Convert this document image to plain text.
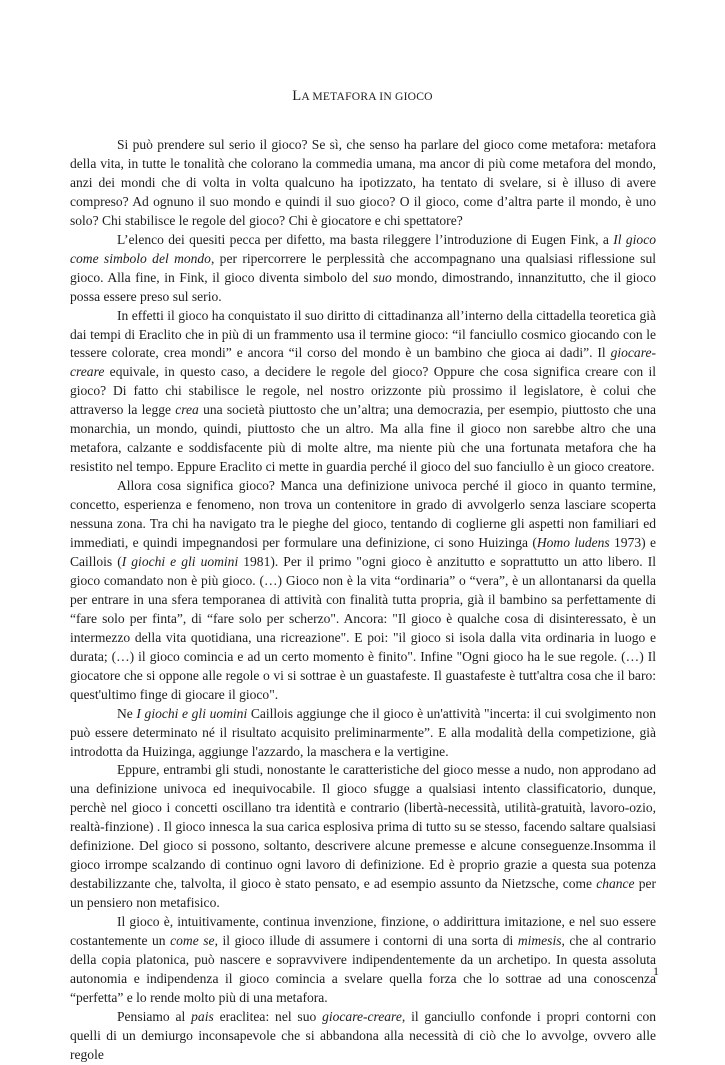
LA METAFORA IN GIOCO

Si può prendere sul serio il gioco? Se sì, che senso ha parlare del gioco come metafora: metafora della vita, in tutte le tonalità che colorano la commedia umana, ma ancor di più come metafora del mondo, anzi dei mondi che di volta in volta qualcuno ha ipotizzato, ha tentato di svelare, si è illuso di avere compreso? Ad ognuno il suo mondo e quindi il suo gioco? O il gioco, come d’altra parte il mondo, è uno solo? Chi stabilisce le regole del gioco? Chi è giocatore e chi spettatore?

L’elenco dei quesiti pecca per difetto, ma basta rileggere l’introduzione di Eugen Fink, a Il gioco come simbolo del mondo, per ripercorrere le perplessità che accompagnano una qualsiasi riflessione sul gioco. Alla fine, in Fink, il gioco diventa simbolo del suo mondo, dimostrando, innanzitutto, che il gioco possa essere preso sul serio.

In effetti il gioco ha conquistato il suo diritto di cittadinanza all’interno della cittadella teoretica già dai tempi di Eraclito che in più di un frammento usa il termine gioco: “il fanciullo cosmico giocando con le tessere colorate, crea mondi” e ancora “il corso del mondo è un bambino che gioca ai dadi”. Il giocare-creare equivale, in questo caso, a decidere le regole del gioco? Oppure che cosa significa creare con il gioco? Di fatto chi stabilisce le regole, nel nostro orizzonte più prossimo il legislatore, è colui che attraverso la legge crea una società piuttosto che un’altra; una democrazia, per esempio, piuttosto che una monarchia, un mondo, quindi, piuttosto che un altro. Ma alla fine il gioco non sarebbe altro che una metafora, calzante e soddisfacente più di molte altre, ma niente più che una fortunata metafora che ha resistito nel tempo. Eppure Eraclito ci mette in guardia perché il gioco del suo fanciullo è un gioco creatore.

Allora cosa significa gioco? Manca una definizione univoca perché il gioco in quanto termine, concetto, esperienza e fenomeno, non trova un contenitore in grado di avvolgerlo senza lasciare scoperta nessuna zona. Tra chi ha navigato tra le pieghe del gioco, tentando di coglierne gli aspetti non familiari ed immediati, e quindi impegnandosi per formulare una definizione, ci sono Huizinga (Homo ludens 1973) e Caillois (I giochi e gli uomini 1981). Per il primo "ogni gioco è anzitutto e soprattutto un atto libero. Il gioco comandato non è più gioco. (…) Gioco non è la vita “ordinaria” o “vera”, è un allontanarsi da quella per entrare in una sfera temporanea di attività con finalità tutta propria, già il bambino sa perfettamente di “fare solo per finta”, di “fare solo per scherzo". Ancora: "Il gioco è qualche cosa di disinteressato, è un intermezzo della vita quotidiana, una ricreazione". E poi: "il gioco si isola dalla vita ordinaria in luogo e durata; (…) il gioco comincia e ad un certo momento è finito". Infine "Ogni gioco ha le sue regole. (…) Il giocatore che si oppone alle regole o vi si sottrae è un guastafeste. Il guastafeste è tutt'altra cosa che il baro: quest'ultimo finge di giocare il gioco".

Ne I giochi e gli uomini Caillois aggiunge che il gioco è un'attività "incerta: il cui svolgimento non può essere determinato né il risultato acquisito preliminarmente”. E alla modalità della competizione, già introdotta da Huizinga, aggiunge l'azzardo, la maschera e la vertigine.

Eppure, entrambi gli studi, nonostante le caratteristiche del gioco messe a nudo, non approdano ad una definizione univoca ed inequivocabile. Il gioco sfugge a qualsiasi intento classificatorio, dunque, perchè nel gioco i concetti oscillano tra identità e contrario (libertà-necessità, utilità-gratuità, lavoro-ozio, realtà-finzione) . Il gioco innesca la sua carica esplosiva prima di tutto su se stesso, facendo saltare qualsiasi definizione. Del gioco si possono, soltanto, descrivere alcune premesse e alcune conseguenze.Insomma il gioco irrompe scalzando di continuo ogni lavoro di definizione. Ed è proprio grazie a questa sua potenza destabilizzante che, talvolta, il gioco è stato pensato, e ad esempio assunto da Nietzsche, come chance per un pensiero non metafisico.

Il gioco è, intuitivamente, continua invenzione, finzione, o addirittura imitazione, e nel suo essere costantemente un come se, il gioco illude di assumere i contorni di una sorta di mimesis, che al contrario della copia platonica, può nascere e sopravvivere indipendentemente da un archetipo. In questa assoluta autonomia e indipendenza il gioco comincia a svelare quella forza che lo sottrae ad una conoscenza “perfetta” e lo rende molto più di una metafora.

Pensiamo al pais eraclitea: nel suo giocare-creare, il ganciullo confonde i propri contorni con quelli di un demiurgo inconsapevole che si abbandona alla necessità di ciò che lo avvolge, ovvero alle regole

1
